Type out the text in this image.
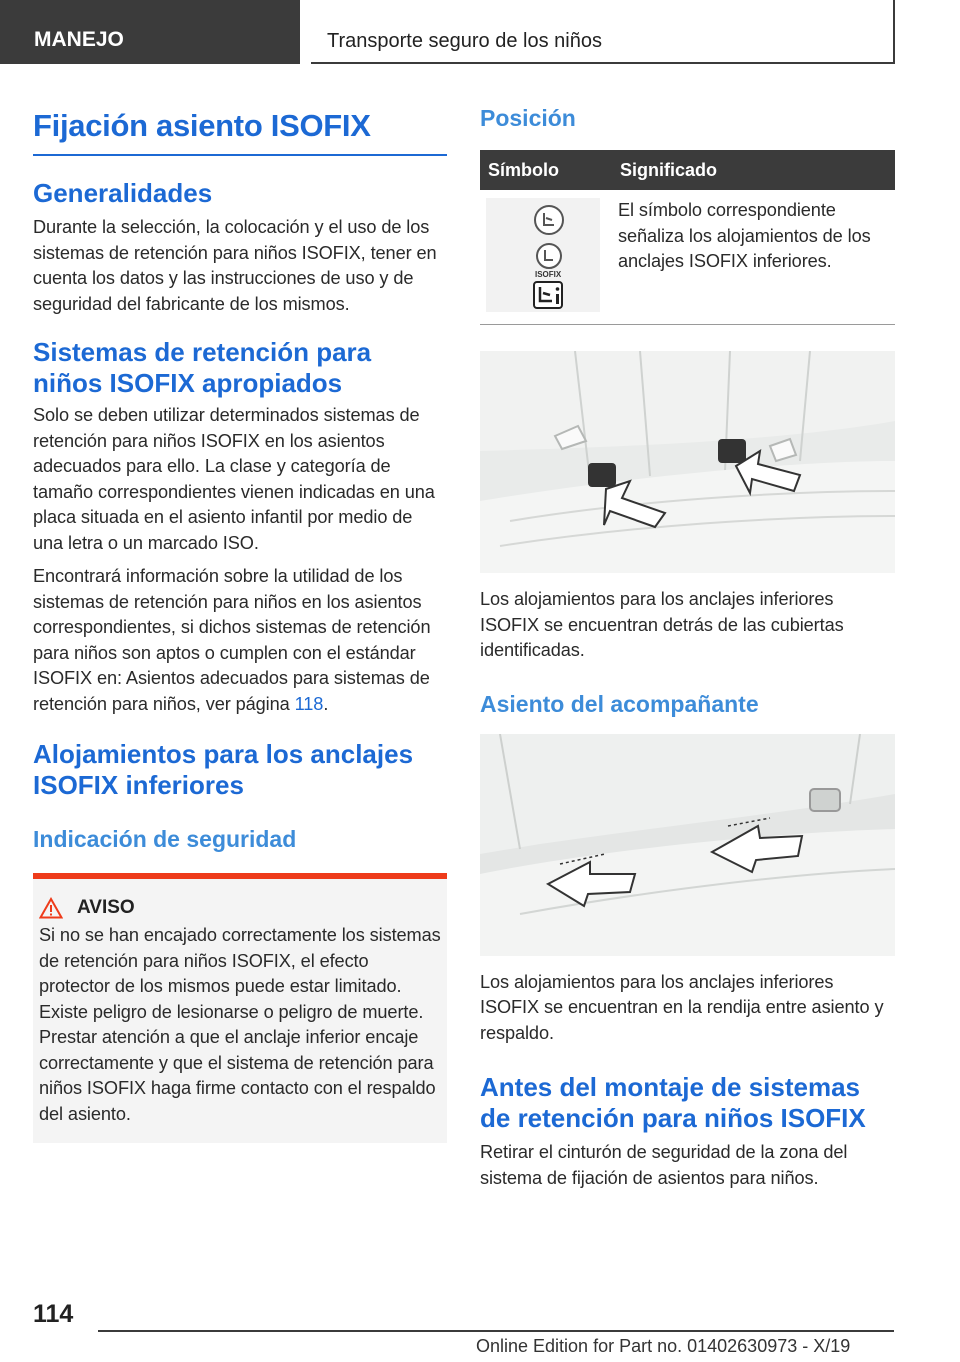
MANEJO	Transporte seguro de los niños
Fijación asiento ISOFIX
Generalidades

Durante la selección, la colocación y el uso de los sistemas de retención para niños ISOFIX, tener en cuenta los datos y las instrucciones de uso y de seguridad del fabricante de los mismos.

Sistemas de retención para niños ISOFIX apropiados

Solo se deben utilizar determinados sistemas de retención para niños ISOFIX en los asientos adecuados para ello. La clase y categoría de tamaño correspondientes vienen indicadas en una placa situada en el asiento infantil por medio de una letra o un marcado ISO.

Encontrará información sobre la utilidad de los sistemas de retención para niños en los asientos correspondientes, si dichos sistemas de retención para niños son aptos o cumplen con el estándar ISOFIX en: Asientos adecuados para sistemas de retención para niños, ver página 118.

Alojamientos para los anclajes ISOFIX inferiores
Indicación de seguridad
AVISO

Si no se han encajado correctamente los sistemas de retención para niños ISOFIX, el efecto protector de los mismos puede estar limitado. Existe peligro de lesionarse o peligro de muerte. Prestar atención a que el anclaje inferior encaje correctamente y que el sistema de retención para niños ISOFIX haga firme contacto con el respaldo del asiento.

Posición
Símbolo	Significado

ISOFIX	El símbolo correspondiente señaliza los alojamientos de los anclajes ISOFIX inferiores.

Los alojamientos para los anclajes inferiores ISOFIX se encuentran detrás de las cubiertas identificadas.

Asiento del acompañante

Los alojamientos para los anclajes inferiores ISOFIX se encuentran en la rendija entre asiento y respaldo.

Antes del montaje de sistemas de retención para niños ISOFIX

Retirar el cinturón de seguridad de la zona del sistema de fijación de asientos para niños.

114
Online Edition for Part no. 01402630973 - X/19
